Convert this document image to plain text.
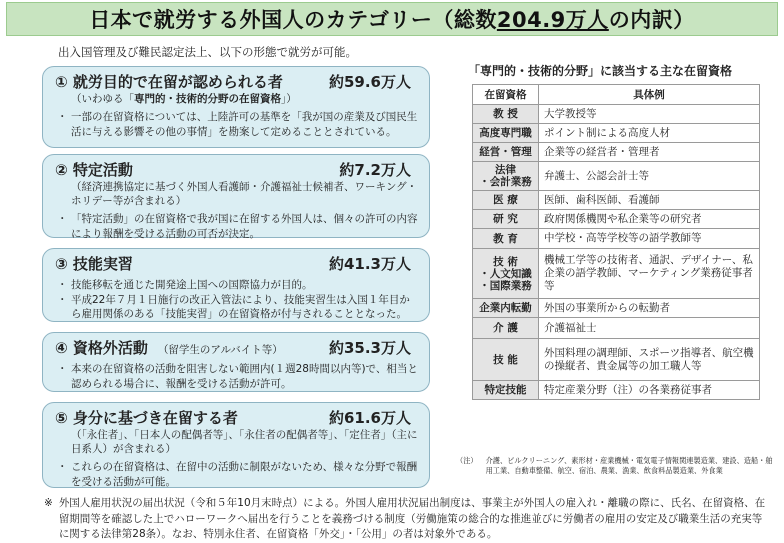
日本で就労する外国人のカテゴリー（総数204.9万人の内訳）
出入国管理及び難民認定法上、以下の形態で就労が可能。
① 就労目的で在留が認められる者	約59.6万人
（いわゆる「専門的・技術的分野の在留資格」）
・ 一部の在留資格については、上陸許可の基準を「我が国の産業及び国民生活に与える影響その他の事情」を勘案して定めることとされている。
② 特定活動	約7.2万人
（経済連携協定に基づく外国人看護師・介護福祉士候補者、ワーキング・ホリデー等が含まれる）
・ 「特定活動」の在留資格で我が国に在留する外国人は、個々の許可の内容により報酬を受ける活動の可否が決定。
③ 技能実習	約41.3万人
・ 技能移転を通じた開発途上国への国際協力が目的。
・ 平成22年７月１日施行の改正入管法により、技能実習生は入国１年目から雇用関係のある「技能実習」の在留資格が付与されることとなった。
④ 資格外活動 （留学生のアルバイト等）	約35.3万人
・ 本来の在留資格の活動を阻害しない範囲内(１週28時間以内等)で、相当と認められる場合に、報酬を受ける活動が許可。
⑤ 身分に基づき在留する者	約61.6万人
（「永住者」、「日本人の配偶者等」、「永住者の配偶者等」、「定住者」（主に日系人）が含まれる）
・ これらの在留資格は、在留中の活動に制限がないため、様々な分野で報酬を受ける活動が可能。
「専門的・技術的分野」に該当する主な在留資格
在留資格	具体例
教 授	大学教授等
高度専門職	ポイント制による高度人材
経営・管理	企業等の経営者・管理者
法律
・会計業務	弁護士、公認会計士等
医 療	医師、歯科医師、看護師
研 究	政府関係機関や私企業等の研究者
教 育	中学校・高等学校等の語学教師等
技 術
・人文知識
・国際業務	機械工学等の技術者、通訳、デザイナー、私企業の語学教師、マーケティング業務従事者等
企業内転勤	外国の事業所からの転勤者
介 護	介護福祉士
技 能	外国料理の調理師、スポーツ指導者、航空機の操縦者、貴金属等の加工職人等
特定技能	特定産業分野（注）の各業務従事者
（注） 介護、ビルクリーニング、素形材・産業機械・電気電子情報関連製造業、建設、造船・舶用工業、自動車整備、航空、宿泊、農業、漁業、飲食料品製造業、外食業
※ 外国人雇用状況の届出状況（令和５年10月末時点）による。外国人雇用状況届出制度は、事業主が外国人の雇入れ・離職の際に、氏名、在留資格、在留期間等を確認した上でハローワークへ届出を行うことを義務づける制度（労働施策の総合的な推進並びに労働者の雇用の安定及び職業生活の充実等に関する法律第28条）。なお、特別永住者、在留資格「外交」・「公用」の者は対象外である。
